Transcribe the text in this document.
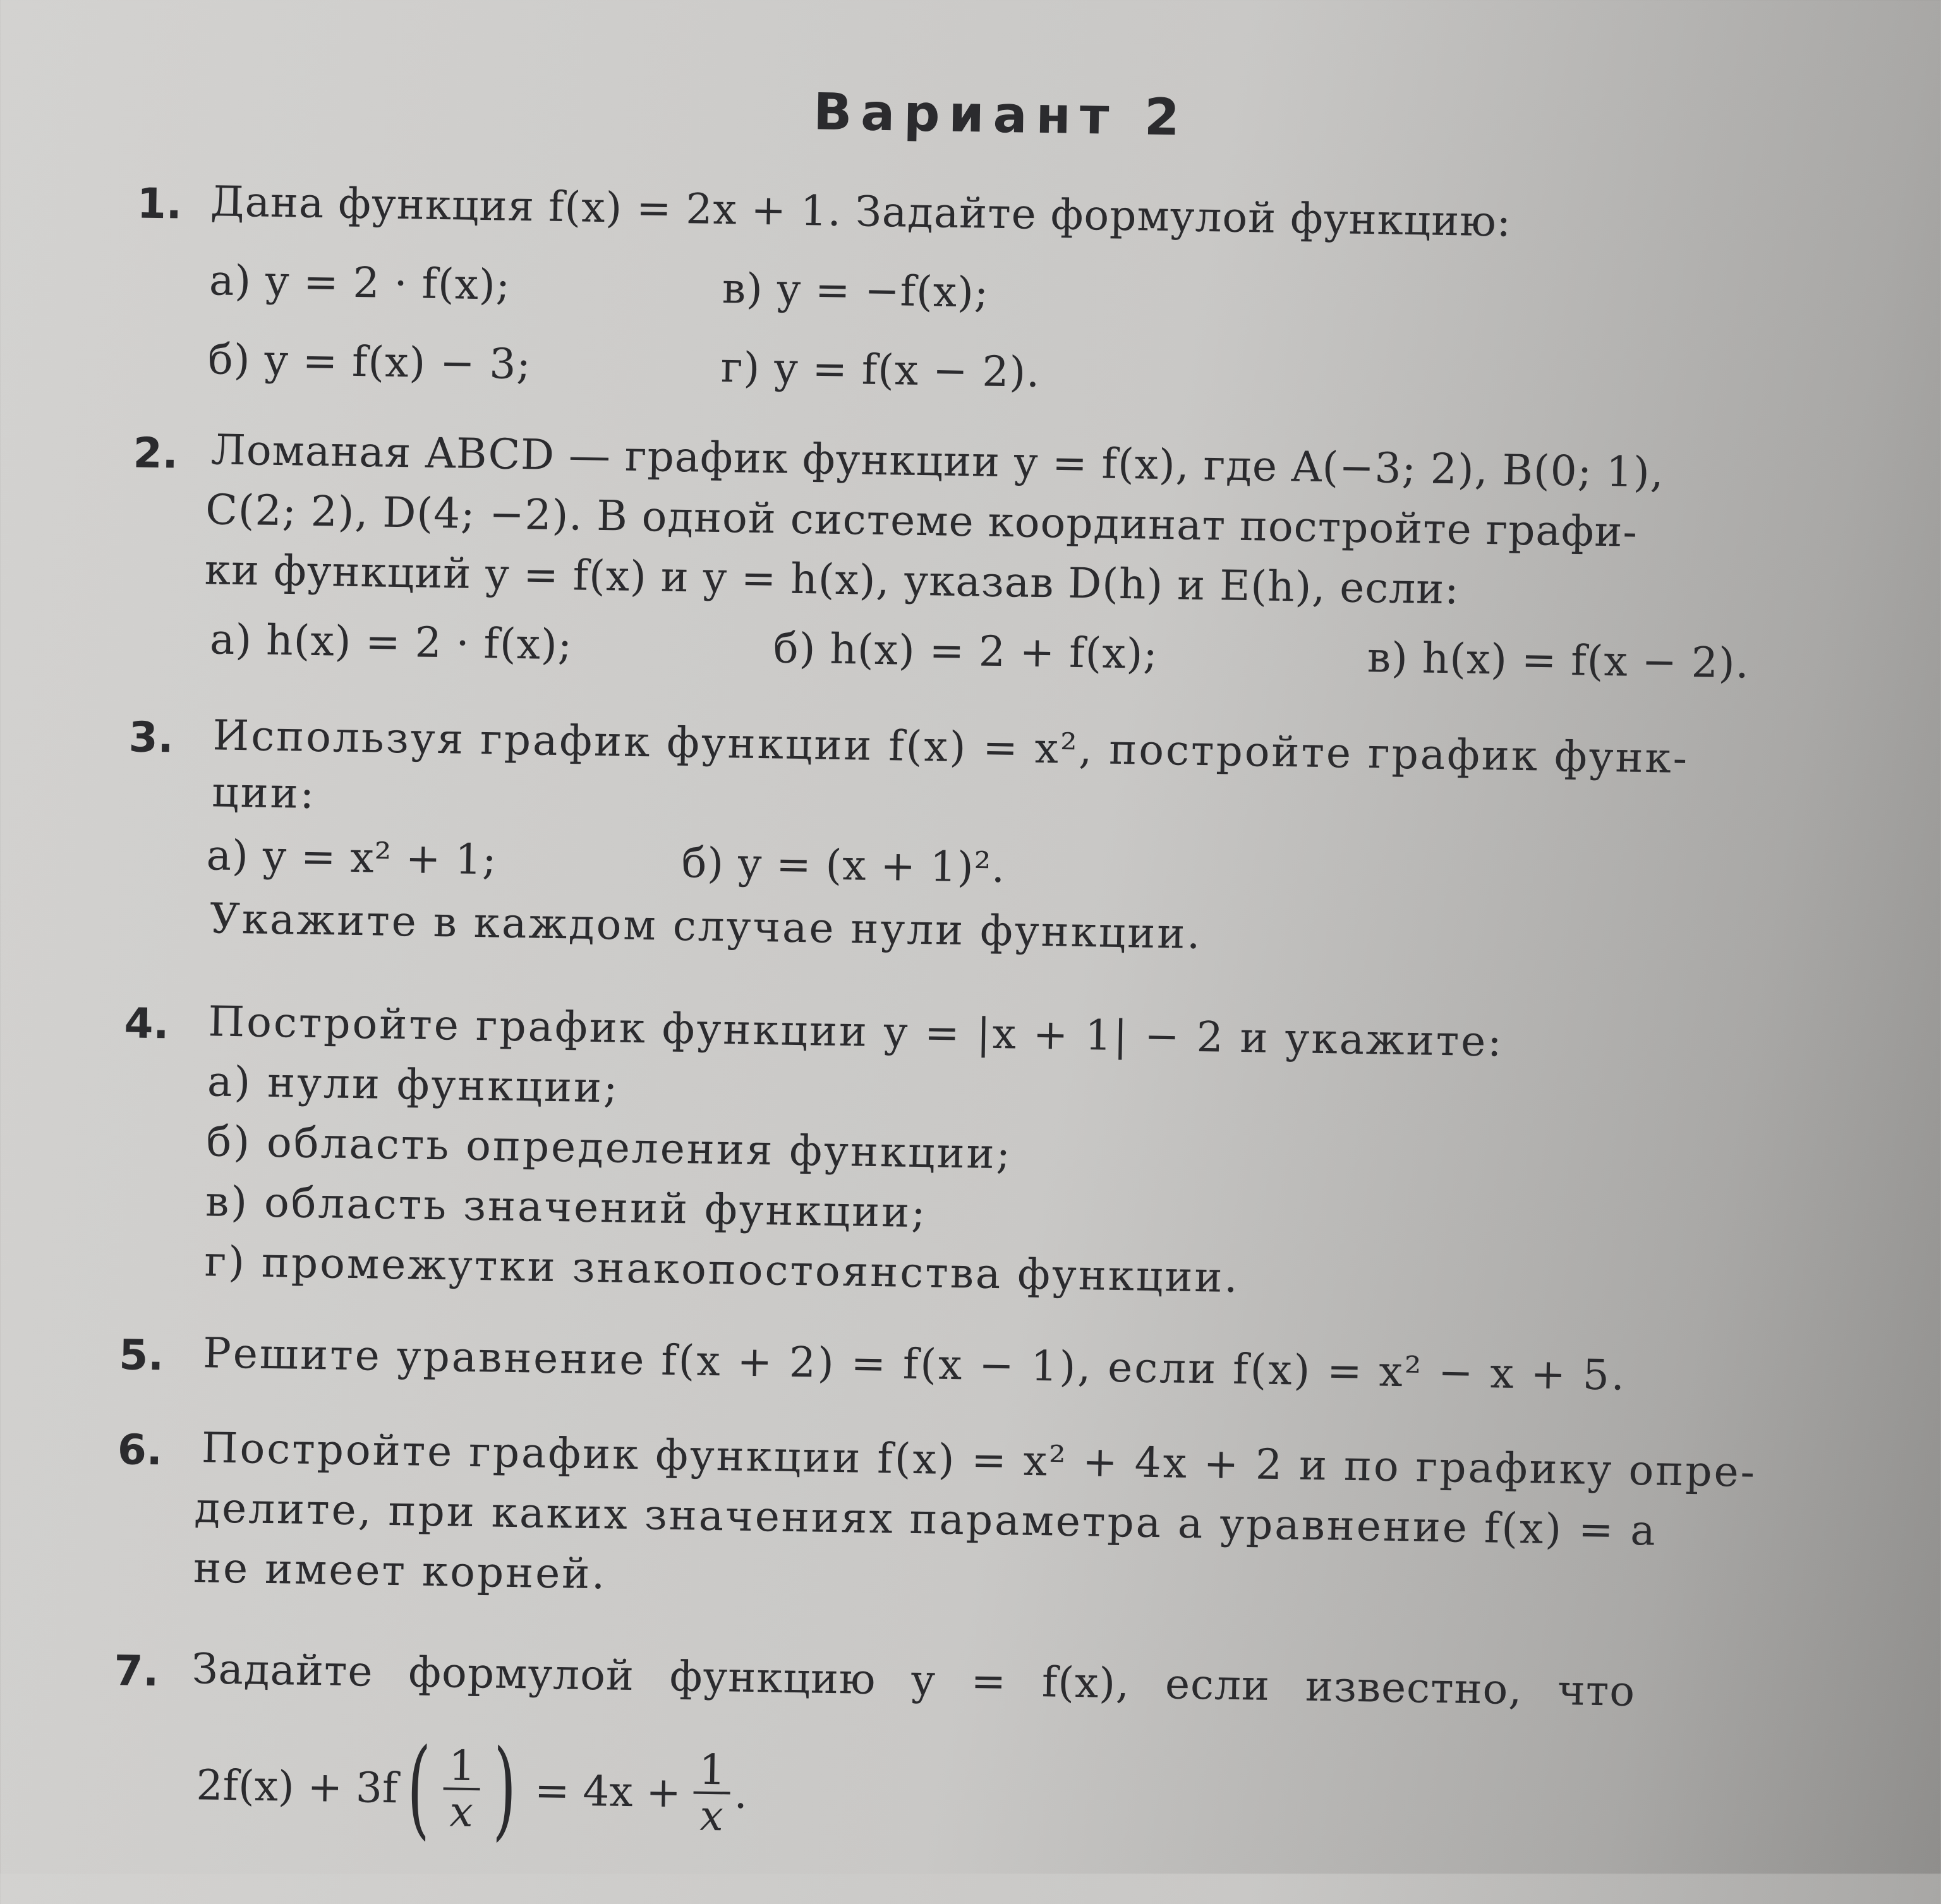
Вариант 2
1. Дана функция f(x) = 2x + 1. Задайте формулой функцию:
а) y = 2 · f(x);	в) y = −f(x);
б) y = f(x) − 3;	г) y = f(x − 2).
2. Ломаная ABCD — график функции y = f(x), где A(−3; 2), B(0; 1),
C(2; 2), D(4; −2). В одной системе координат постройте графи-
ки функций y = f(x) и y = h(x), указав D(h) и E(h), если:
а) h(x) = 2 · f(x);	б) h(x) = 2 + f(x);	в) h(x) = f(x − 2).
3. Используя график функции f(x) = x², постройте график функ-
ции:
а) y = x² + 1;	б) y = (x + 1)².
Укажите в каждом случае нули функции.
4. Постройте график функции y = |x + 1| − 2 и укажите:
а) нули функции;
б) область определения функции;
в) область значений функции;
г) промежутки знакопостоянства функции.
5. Решите уравнение f(x + 2) = f(x − 1), если f(x) = x² − x + 5.
6. Постройте график функции f(x) = x² + 4x + 2 и по графику опре-
делите, при каких значениях параметра a уравнение f(x) = a
не имеет корней.
7. Задайте формулой функцию y = f(x), если известно, что
2f(x) + 3f ( $\frac{1}{x}$ ) = $4x + \frac{1}{x}$ .
